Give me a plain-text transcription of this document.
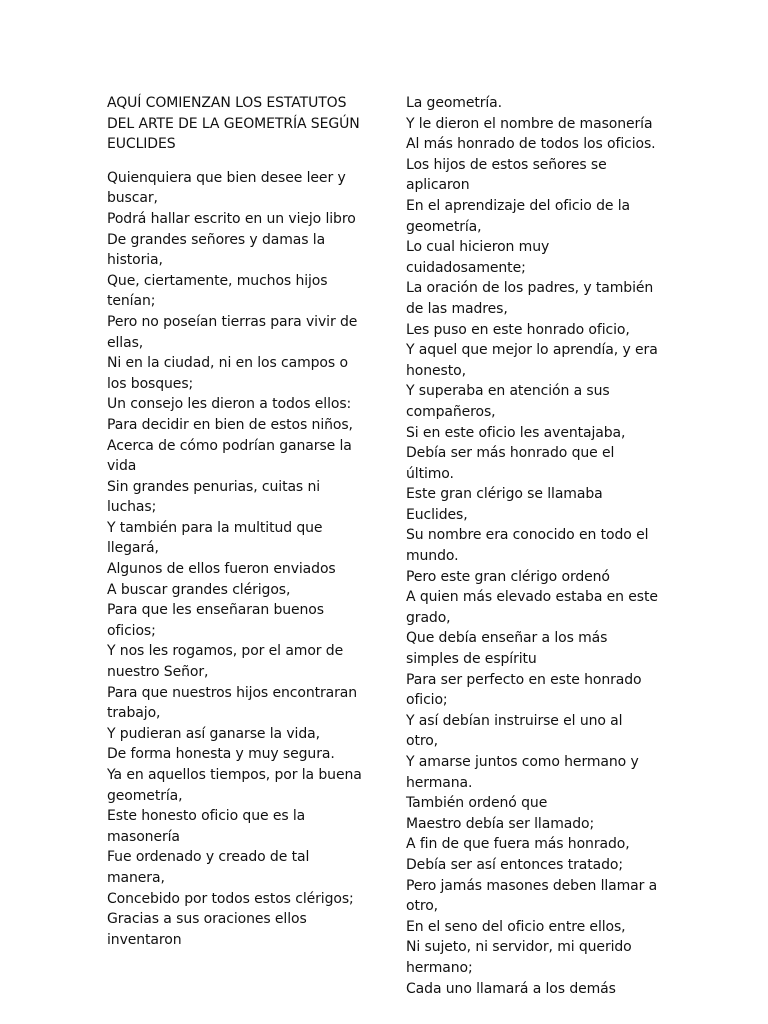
AQUÍ COMIENZAN LOS ESTATUTOS DEL ARTE DE LA GEOMETRÍA SEGÚN EUCLIDES

Quienquiera que bien desee leer y buscar,

Podrá hallar escrito en un viejo libro

De grandes señores y damas la historia,

Que, ciertamente, muchos hijos tenían;

Pero no poseían tierras para vivir de ellas,

Ni en la ciudad, ni en los campos o los bosques;

Un consejo les dieron a todos ellos:

Para decidir en bien de estos niños,

Acerca de cómo podrían ganarse la vida

Sin grandes penurias, cuitas ni luchas;

Y también para la multitud que llegará,

Algunos de ellos fueron enviados

A buscar grandes clérigos,

Para que les enseñaran buenos oficios;

Y nos les rogamos, por el amor de nuestro Señor,

Para que nuestros hijos encontraran trabajo,

Y pudieran así ganarse la vida,

De forma honesta y muy segura.

Ya en aquellos tiempos, por la buena geometría,

Este honesto oficio que es la masonería

Fue ordenado y creado de tal manera,

Concebido por todos estos clérigos;

Gracias a sus oraciones ellos inventaron

La geometría.

Y le dieron el nombre de masonería

Al más honrado de todos los oficios.

Los hijos de estos señores se aplicaron

En el aprendizaje del oficio de la geometría,

Lo cual hicieron muy cuidadosamente;

La oración de los padres, y también de las madres,

Les puso en este honrado oficio,

Y aquel que mejor lo aprendía, y era honesto,

Y superaba en atención a sus compañeros,

Si en este oficio les aventajaba,

Debía ser más honrado que el último.

Este gran clérigo se llamaba Euclides,

Su nombre era conocido en todo el mundo.

Pero este gran clérigo ordenó

A quien más elevado estaba en este grado,

Que debía enseñar a los más simples de espíritu

Para ser perfecto en este honrado oficio;

Y así debían instruirse el uno al otro,

Y amarse juntos como hermano y hermana.

También ordenó que

Maestro debía ser llamado;

A fin de que fuera más honrado,

Debía ser así entonces tratado;

Pero jamás masones deben llamar a otro,

En el seno del oficio entre ellos,

Ni sujeto, ni servidor, mi querido hermano;

Cada uno llamará a los demás
